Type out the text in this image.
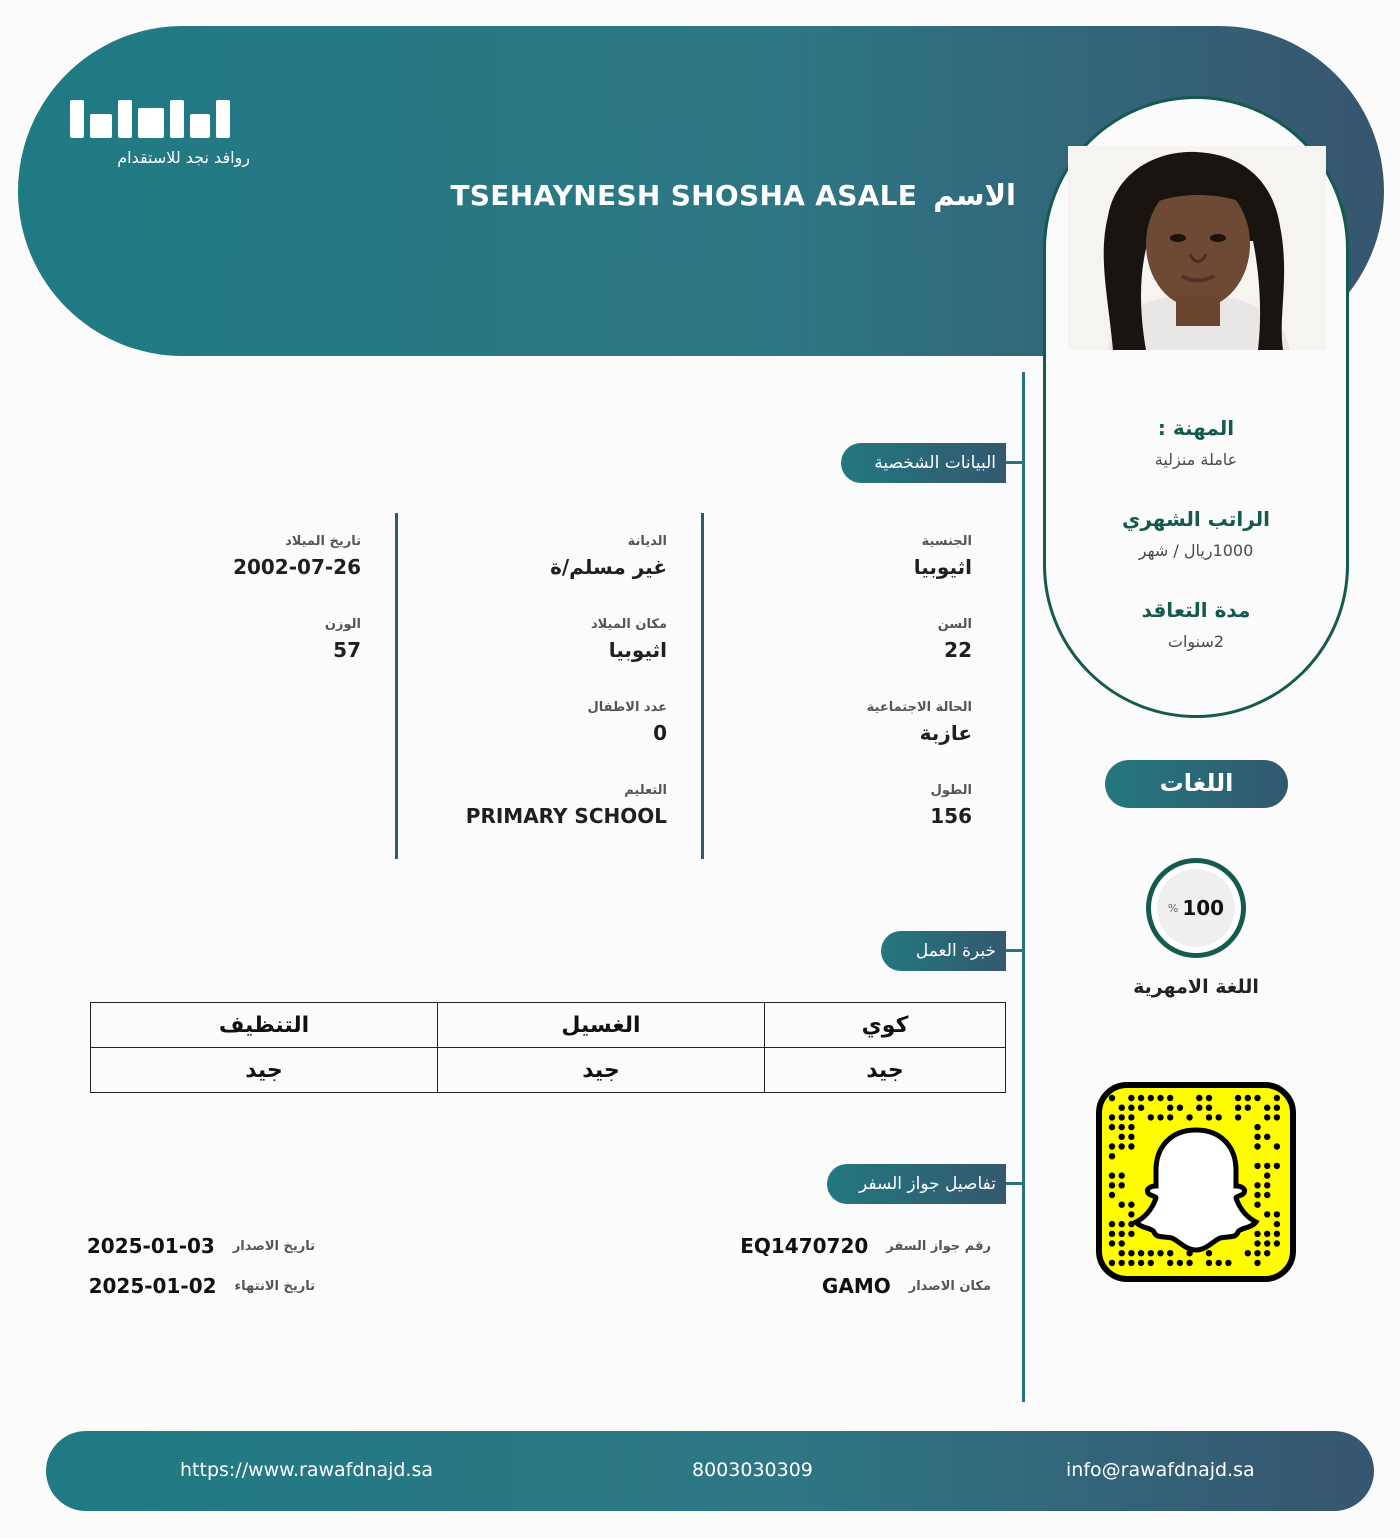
روافد نجد للاستقدام
الاسم
TSEHAYNESH SHOSHA ASALE
المهنة :
عاملة منزلية
الراتب الشهري
1000ريال / شهر
مدة التعاقد
2سنوات
البيانات الشخصية
خبرة العمل
تفاصيل جواز السفر
الجنسية
اثيوبيا
السن
22
الحالة الاجتماعية
عازبة
الطول
156
الديانة
غير مسلم/ة
مكان الميلاد
اثيوبيا
عدد الاطفال
0
التعليم
PRIMARY SCHOOL
تاريخ الميلاد
2002-07-26
الوزن
57
كوي	الغسيل	التنظيف
جيد	جيد	جيد
رقم جواز السفر
EQ1470720
مكان الاصدار
GAMO
تاريخ الاصدار
2025-01-03
تاريخ الانتهاء
2025-01-02
اللغات
% 100
اللغة الامهرية
https://www.rawafdnajd.sa	8003030309	info@rawafdnajd.sa
